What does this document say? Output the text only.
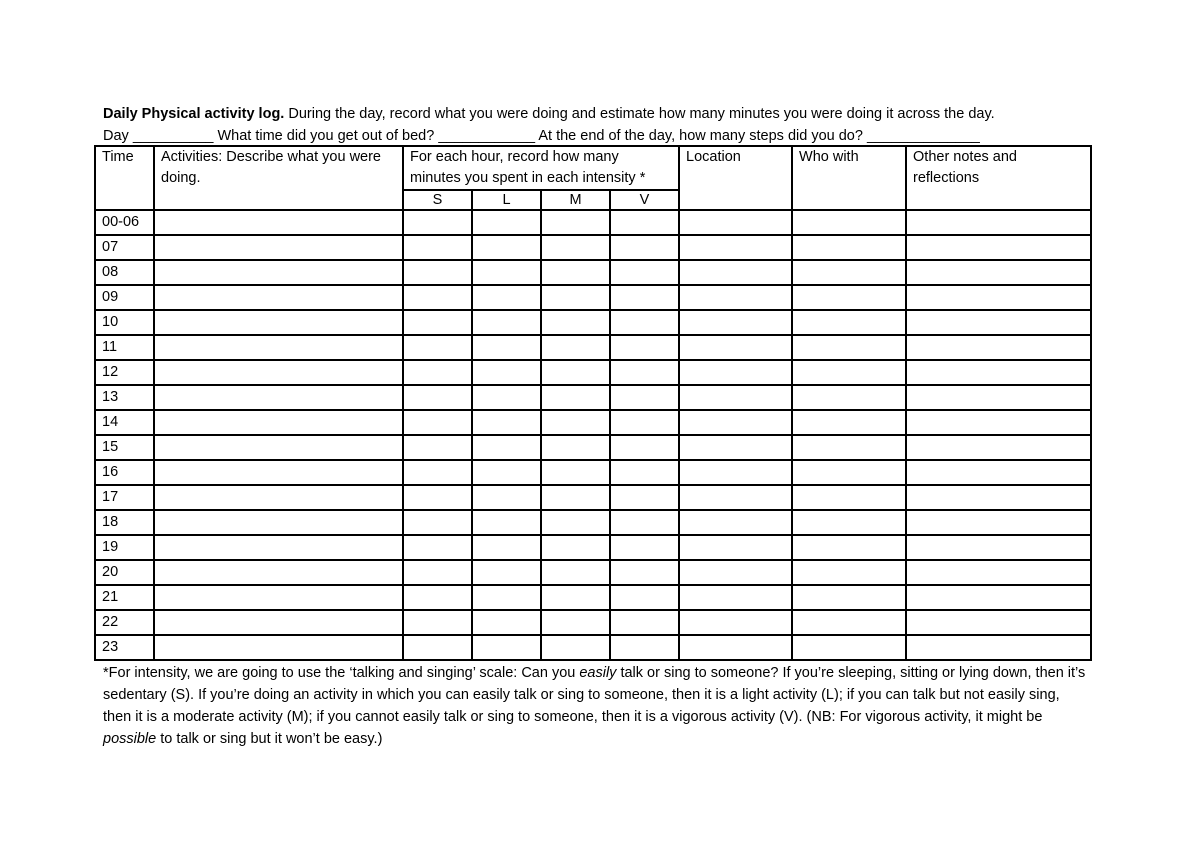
Daily Physical activity log. During the day, record what you were doing and estimate how many minutes you were doing it across the day.
Day __________ What time did you get out of bed? ____________ At the end of the day, how many steps did you do? ______________
Time	Activities: Describe what you were doing.	For each hour, record how many minutes you spent in each intensity *				Location	Who with	Other notes and reflections
		S	L	M	V			
00-06								
07								
08								
09								
10								
11								
12								
13								
14								
15								
16								
17								
18								
19								
20								
21								
22								
23								
*For intensity, we are going to use the ‘talking and singing’ scale: Can you easily talk or sing to someone? If you’re sleeping, sitting or lying down, then it’s sedentary (S). If you’re doing an activity in which you can easily talk or sing to someone, then it is a light activity (L); if you can talk but not easily sing, then it is a moderate activity (M); if you cannot easily talk or sing to someone, then it is a vigorous activity (V). (NB: For vigorous activity, it might be possible to talk or sing but it won’t be easy.)
